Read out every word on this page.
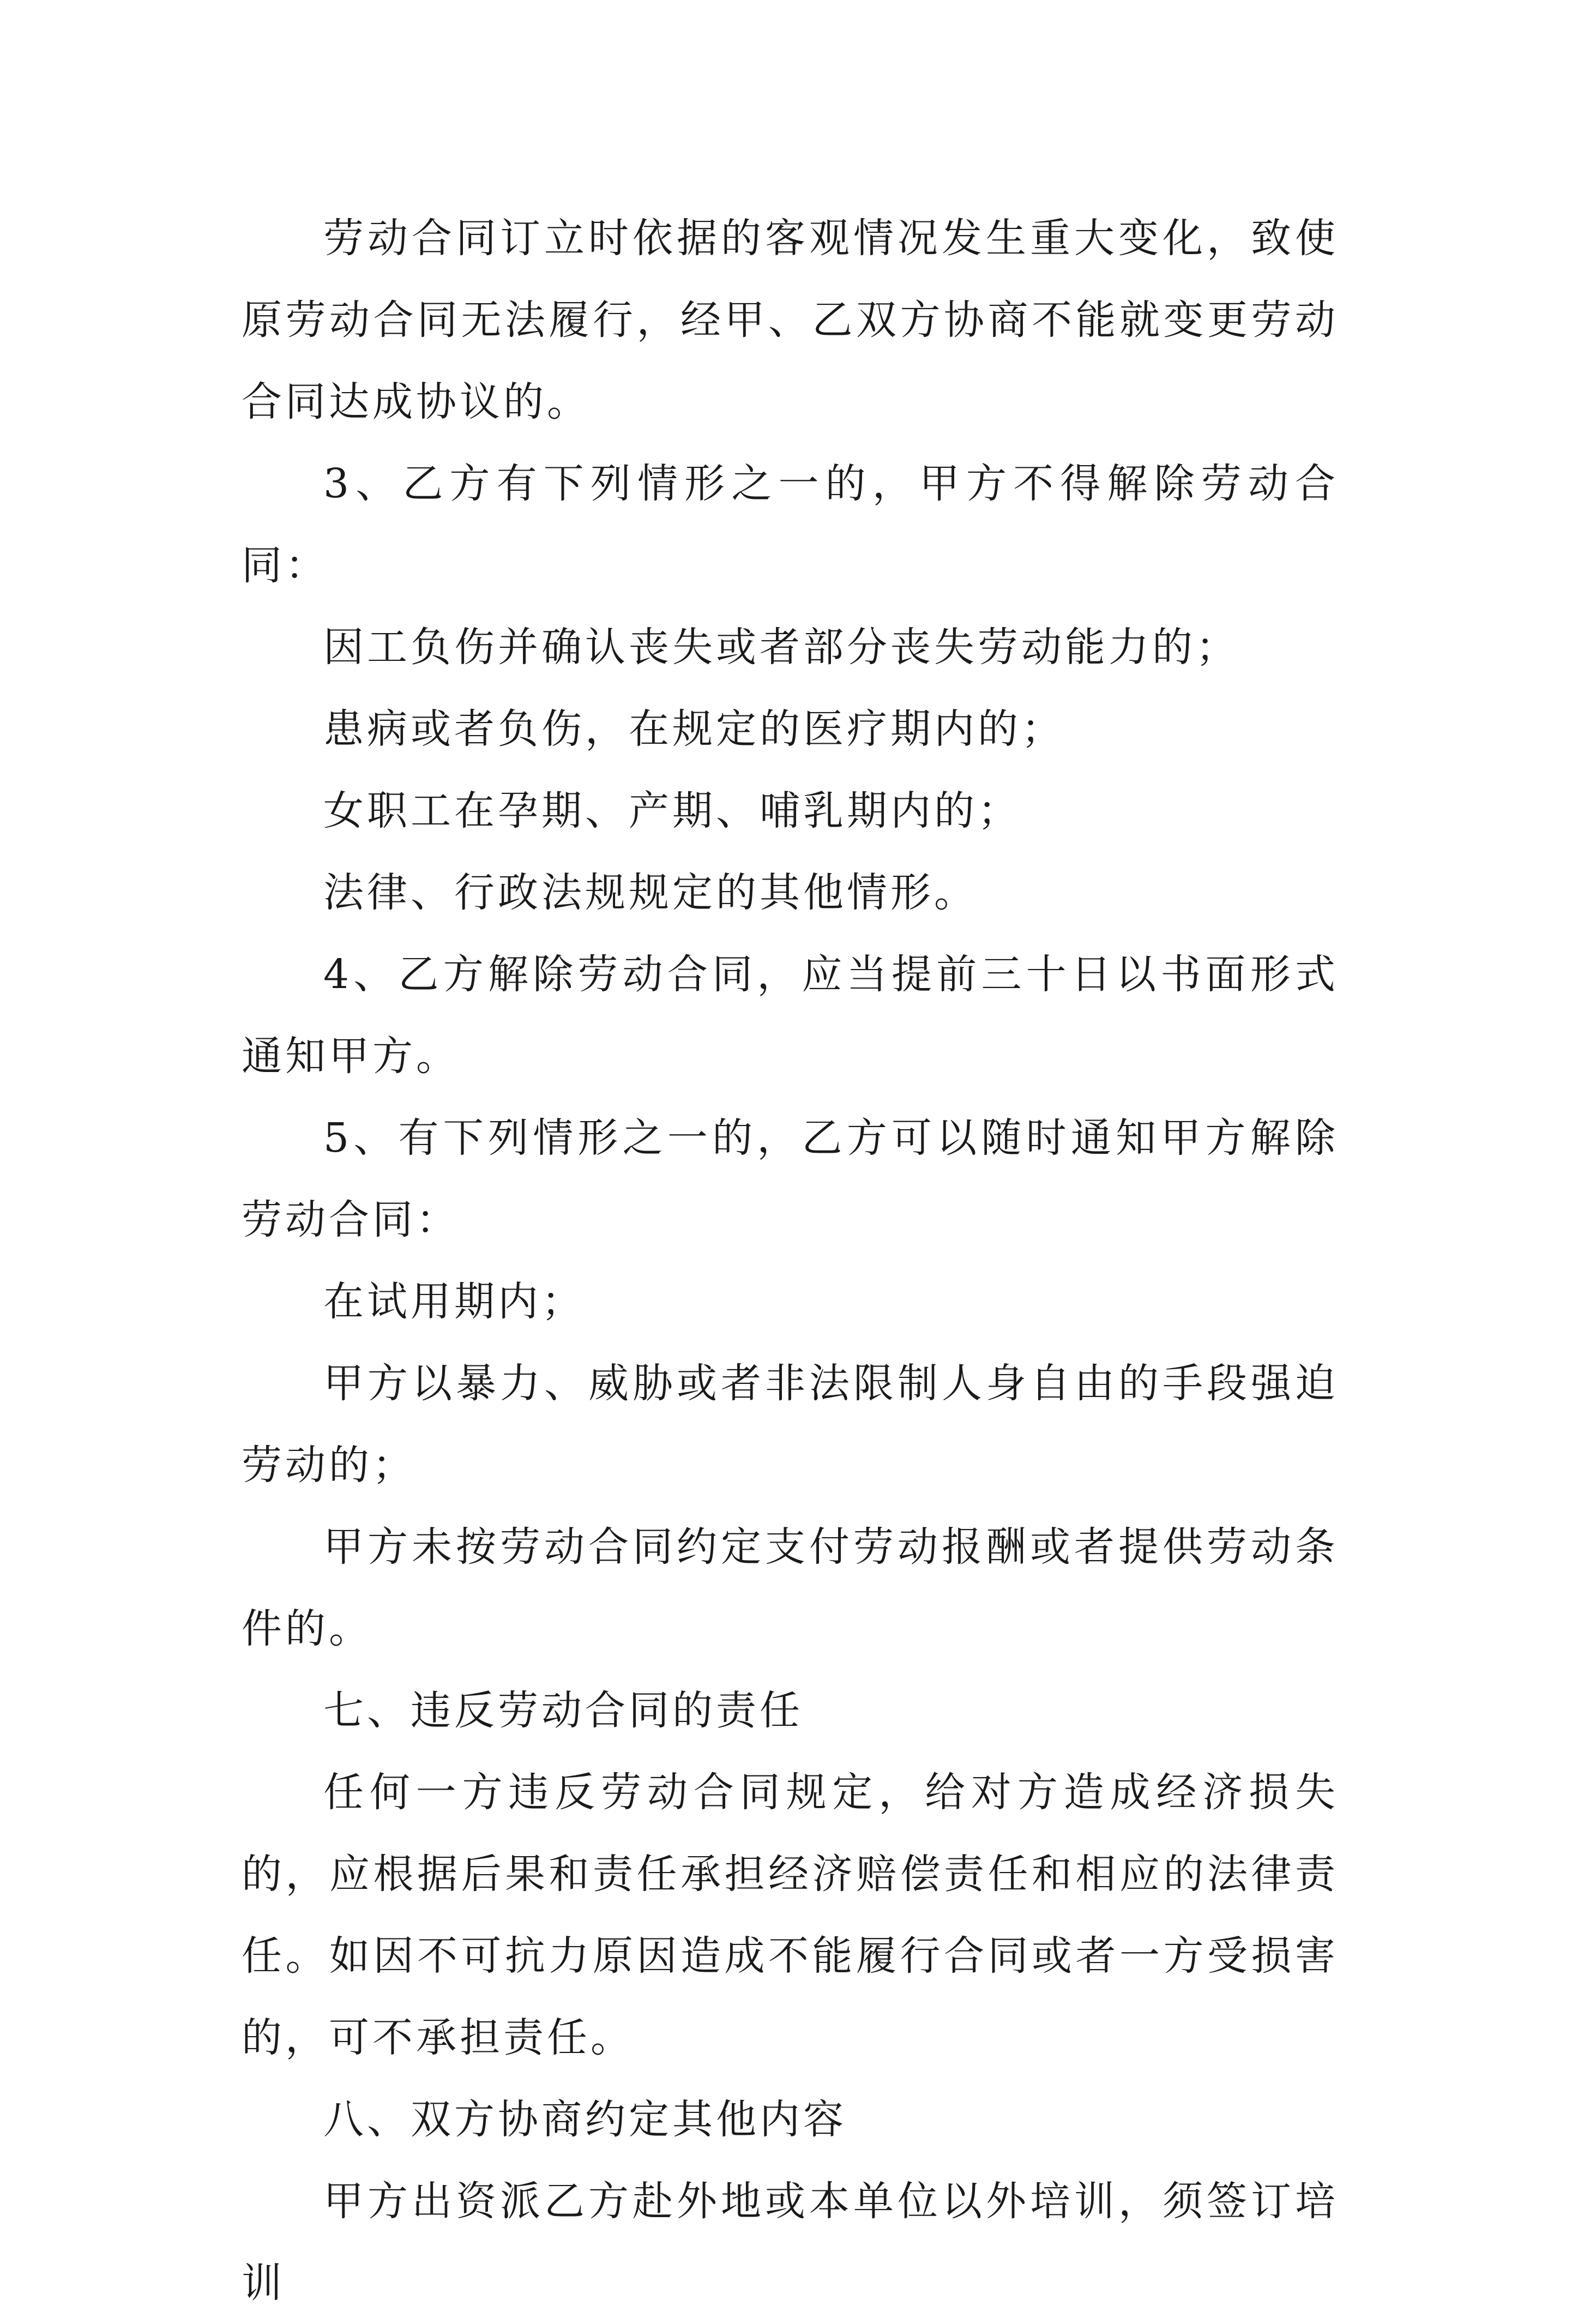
劳动合同订立时依据的客观情况发生重大变化，致使原劳动合同无法履行，经甲、乙双方协商不能就变更劳动合同达成协议的。

3、乙方有下列情形之一的，甲方不得解除劳动合同：

因工负伤并确认丧失或者部分丧失劳动能力的；

患病或者负伤，在规定的医疗期内的；

女职工在孕期、产期、哺乳期内的；

法律、行政法规规定的其他情形。

4、乙方解除劳动合同，应当提前三十日以书面形式通知甲方。

5、有下列情形之一的，乙方可以随时通知甲方解除劳动合同：

在试用期内；

甲方以暴力、威胁或者非法限制人身自由的手段强迫劳动的；

甲方未按劳动合同约定支付劳动报酬或者提供劳动条件的。

七、违反劳动合同的责任

任何一方违反劳动合同规定，给对方造成经济损失的，应根据后果和责任承担经济赔偿责任和相应的法律责任。如因不可抗力原因造成不能履行合同或者一方受损害的，可不承担责任。

八、双方协商约定其他内容

甲方出资派乙方赴外地或本单位以外培训，须签订培训
